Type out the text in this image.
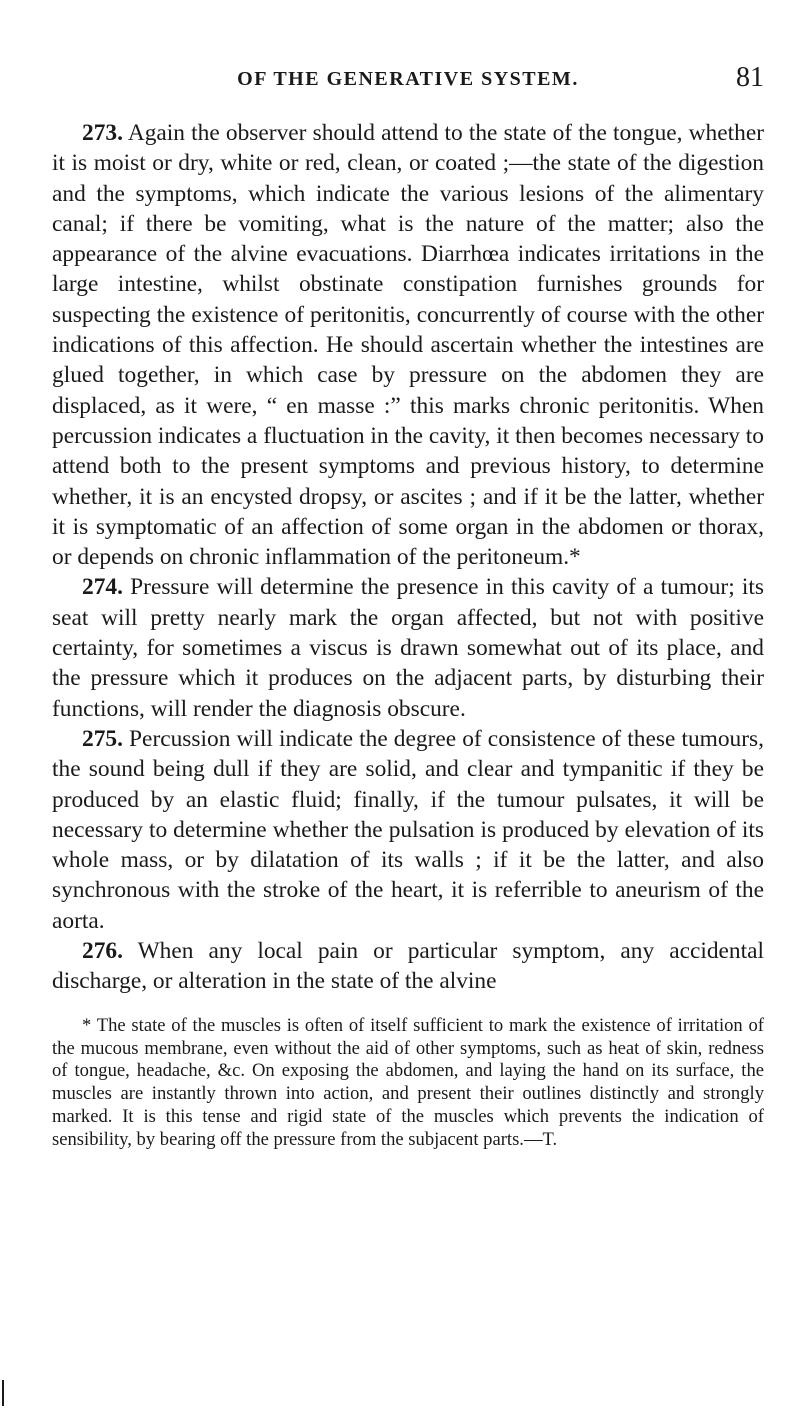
OF THE GENERATIVE SYSTEM.	81

273. Again the observer should attend to the state of the tongue, whether it is moist or dry, white or red, clean, or coated ;—the state of the digestion and the symptoms, which indicate the various lesions of the alimentary canal; if there be vomiting, what is the nature of the matter; also the appearance of the alvine evacuations. Diarrhœa indicates irritations in the large intestine, whilst obstinate constipation furnishes grounds for suspecting the existence of peritonitis, concurrently of course with the other indications of this affection. He should ascertain whether the intestines are glued together, in which case by pressure on the abdomen they are displaced, as it were, “ en masse :” this marks chronic peritonitis. When percussion indicates a fluctuation in the cavity, it then becomes necessary to attend both to the present symptoms and previous history, to determine whether, it is an encysted dropsy, or ascites ; and if it be the latter, whether it is symptomatic of an affection of some organ in the abdomen or thorax, or depends on chronic inflammation of the peritoneum.*

274. Pressure will determine the presence in this cavity of a tumour; its seat will pretty nearly mark the organ affected, but not with positive certainty, for sometimes a viscus is drawn somewhat out of its place, and the pressure which it produces on the adjacent parts, by disturbing their functions, will render the diagnosis obscure.

275. Percussion will indicate the degree of consistence of these tumours, the sound being dull if they are solid, and clear and tympanitic if they be produced by an elastic fluid; finally, if the tumour pulsates, it will be necessary to determine whether the pulsation is produced by elevation of its whole mass, or by dilatation of its walls ; if it be the latter, and also synchronous with the stroke of the heart, it is referrible to aneurism of the aorta.

276. When any local pain or particular symptom, any accidental discharge, or alteration in the state of the alvine

* The state of the muscles is often of itself sufficient to mark the existence of irritation of the mucous membrane, even without the aid of other symptoms, such as heat of skin, redness of tongue, headache, &c. On exposing the abdomen, and laying the hand on its surface, the muscles are instantly thrown into action, and present their outlines distinctly and strongly marked. It is this tense and rigid state of the muscles which prevents the indication of sensibility, by bearing off the pressure from the subjacent parts.—T.
